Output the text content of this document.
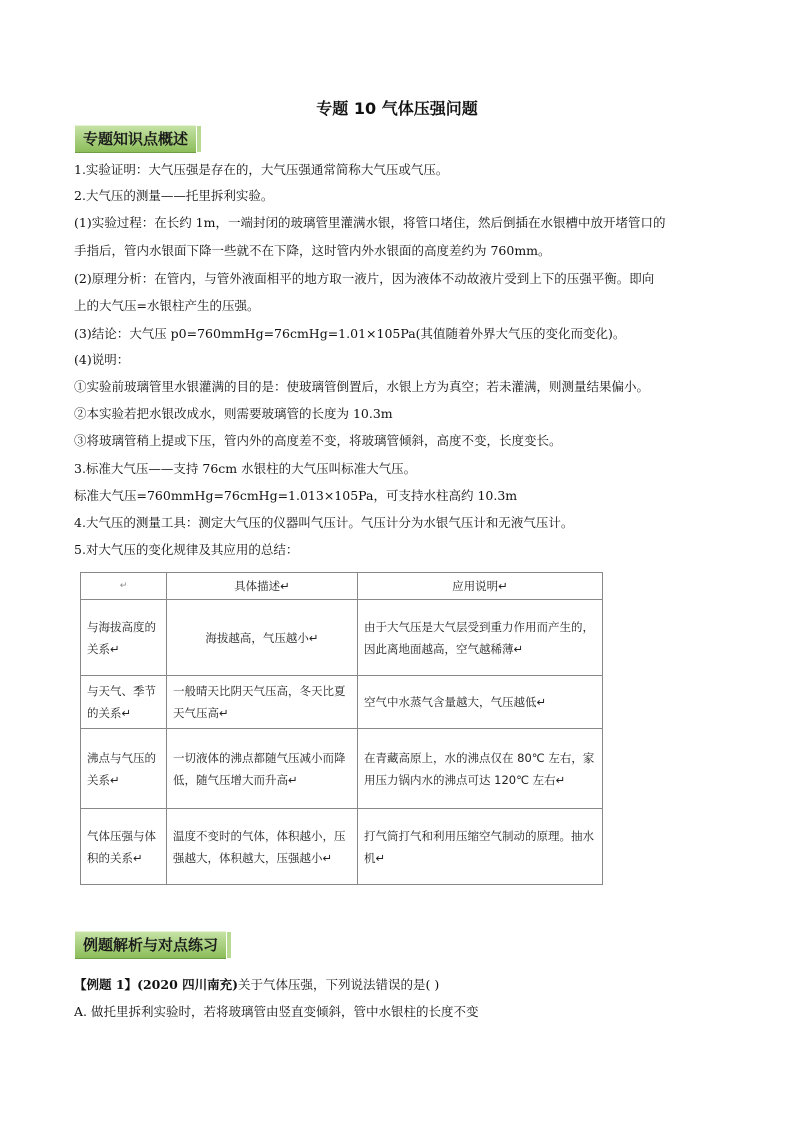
专题 10 气体压强问题
专题知识点概述
1.实验证明：大气压强是存在的，大气压强通常简称大气压或气压。
2.大气压的测量——托里拆利实验。
(1)实验过程：在长约 1m，一端封闭的玻璃管里灌满水银，将管口堵住，然后倒插在水银槽中放开堵管口的
手指后，管内水银面下降一些就不在下降，这时管内外水银面的高度差约为 760mm。
(2)原理分析：在管内，与管外液面相平的地方取一液片，因为液体不动故液片受到上下的压强平衡。即向
上的大气压=水银柱产生的压强。
(3)结论：大气压 p0=760mmHg=76cmHg=1.01×105Pa(其值随着外界大气压的变化而变化)。
(4)说明：
①实验前玻璃管里水银灌满的目的是：使玻璃管倒置后，水银上方为真空；若未灌满，则测量结果偏小。
②本实验若把水银改成水，则需要玻璃管的长度为 10.3m
③将玻璃管稍上提或下压，管内外的高度差不变，将玻璃管倾斜，高度不变，长度变长。
3.标准大气压——支持 76cm 水银柱的大气压叫标准大气压。
标准大气压=760mmHg=76cmHg=1.013×105Pa，可支持水柱高约 10.3m
4.大气压的测量工具：测定大气压的仪器叫气压计。气压计分为水银气压计和无液气压计。
5.对大气压的变化规律及其应用的总结：
↵	具体描述↵	应用说明↵
与海拔高度的关系↵	海拔越高，气压越小↵	由于大气压是大气层受到重力作用而产生的，因此离地面越高，空气越稀薄↵
与天气、季节的关系↵	一般晴天比阴天气压高，冬天比夏天气压高↵	空气中水蒸气含量越大，气压越低↵
沸点与气压的关系↵	一切液体的沸点都随气压减小而降低，随气压增大而升高↵	在青藏高原上，水的沸点仅在 80℃ 左右，家用压力锅内水的沸点可达 120℃ 左右↵
气体压强与体积的关系↵	温度不变时的气体，体积越小，压强越大，体积越大，压强越小↵	打气筒打气和利用压缩空气制动的原理。抽水机↵
例题解析与对点练习
【例题 1】(2020 四川南充)关于气体压强，下列说法错误的是( )
A. 做托里拆利实验时，若将玻璃管由竖直变倾斜，管中水银柱的长度不变
